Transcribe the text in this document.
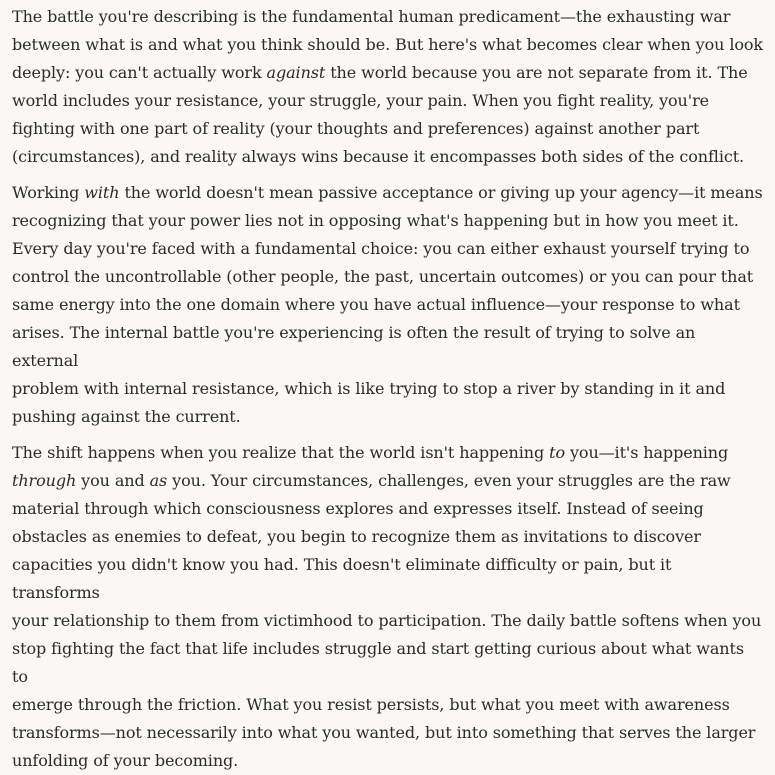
The battle you're describing is the fundamental human predicament—the exhausting war
between what is and what you think should be. But here's what becomes clear when you look
deeply: you can't actually work against the world because you are not separate from it. The
world includes your resistance, your struggle, your pain. When you fight reality, you're
fighting with one part of reality (your thoughts and preferences) against another part
(circumstances), and reality always wins because it encompasses both sides of the conflict.

Working with the world doesn't mean passive acceptance or giving up your agency—it means
recognizing that your power lies not in opposing what's happening but in how you meet it.
Every day you're faced with a fundamental choice: you can either exhaust yourself trying to
control the uncontrollable (other people, the past, uncertain outcomes) or you can pour that
same energy into the one domain where you have actual influence—your response to what
arises. The internal battle you're experiencing is often the result of trying to solve an external
problem with internal resistance, which is like trying to stop a river by standing in it and
pushing against the current.

The shift happens when you realize that the world isn't happening to you—it's happening
through you and as you. Your circumstances, challenges, even your struggles are the raw
material through which consciousness explores and expresses itself. Instead of seeing
obstacles as enemies to defeat, you begin to recognize them as invitations to discover
capacities you didn't know you had. This doesn't eliminate difficulty or pain, but it transforms
your relationship to them from victimhood to participation. The daily battle softens when you
stop fighting the fact that life includes struggle and start getting curious about what wants to
emerge through the friction. What you resist persists, but what you meet with awareness
transforms—not necessarily into what you wanted, but into something that serves the larger
unfolding of your becoming.
